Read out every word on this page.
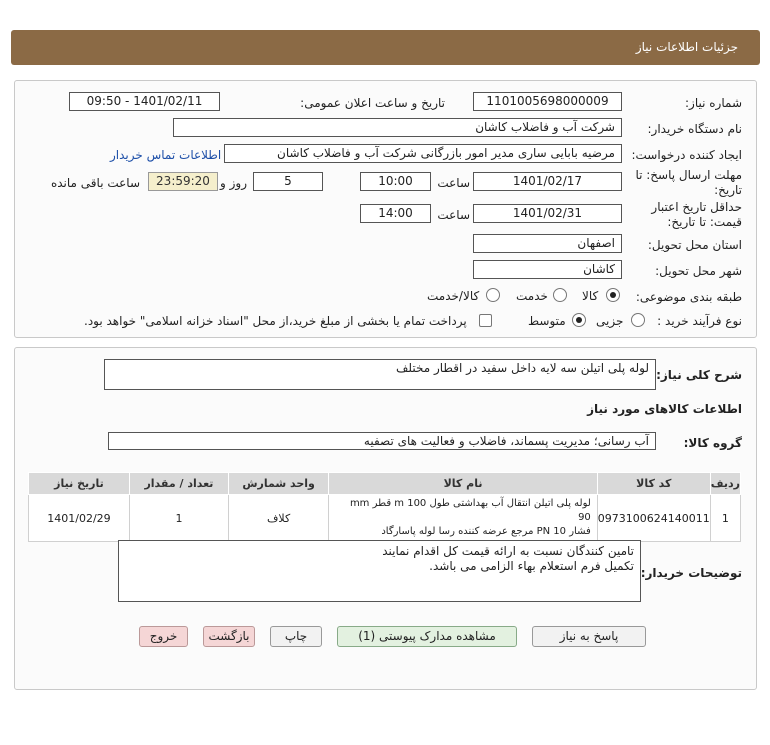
جزئیات اطلاعات نیاز
شماره نیاز:
1101005698000009
تاریخ و ساعت اعلان عمومی:
1401/02/11 - 09:50
نام دستگاه خریدار:
شرکت آب و فاضلاب کاشان
ایجاد کننده درخواست:
مرضیه بابایی ساری مدیر امور بازرگانی شرکت آب و فاضلاب کاشان
اطلاعات تماس خریدار
مهلت ارسال پاسخ: تا
تاریخ:
1401/02/17
ساعت
10:00
5
روز و
23:59:20
ساعت باقی مانده
حداقل تاریخ اعتبار
قیمت: تا تاریخ:
1401/02/31
ساعت
14:00
استان محل تحویل:
اصفهان
شهر محل تحویل:
کاشان
طبقه بندی موضوعی:
کالا
خدمت
کالا/خدمت
نوع فرآیند خرید :
جزیی
متوسط
پرداخت تمام یا بخشی از مبلغ خرید،از محل "اسناد خزانه اسلامی" خواهد بود.
شرح کلی نیاز:
لوله پلی اتیلن سه لایه داخل سفید در اقطار مختلف
اطلاعات کالاهای مورد نیاز
گروه کالا:
آب رسانی؛ مدیریت پسماند، فاضلاب و فعالیت های تصفیه
ردیف	کد کالا	نام کالا	واحد شمارش	تعداد / مقدار	تاریخ نیاز
1	0973100624140011	لوله پلی اتیلن انتقال آب بهداشتی طول m 100 قطر mm 90
فشار PN 10 مرجع عرضه کننده رسا لوله پاسارگاد	کلاف	1	1401/02/29
توضیحات خریدار:
تامین کنندگان نسبت به ارائه قیمت کل اقدام نمایند
تکمیل فرم استعلام بهاء الزامی می باشد.
پاسخ به نیاز
مشاهده مدارک پیوستی (1)
چاپ
بازگشت
خروج
